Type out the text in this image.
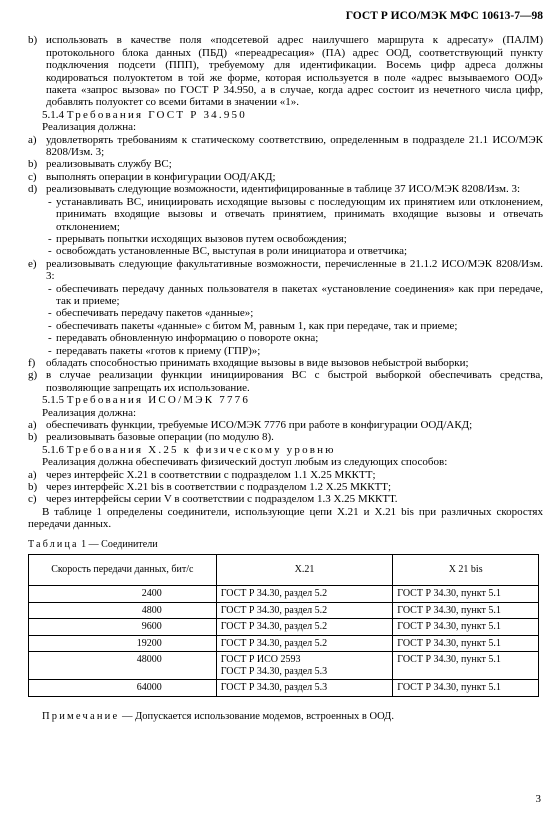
ГОСТ Р ИСО/МЭК МФС 10613-7—98
b) использовать в качестве поля «подсетевой адрес наилучшего маршрута к адресату» (ПАЛМ) протокольного блока данных (ПБД) «переадресация» (ПА) адрес ООД, соответствующий пункту подключения подсети (ППП), требуемому для идентификации. Восемь цифр адреса должны кодироваться полуоктетом в той же форме, которая используется в поле «адрес вызываемого ООД» пакета «запрос вызова» по ГОСТ Р 34.950, а в случае, когда адрес состоит из нечетного числа цифр, добавлять полуоктет со всеми битами в значении «1».

5.1.4 Требования ГОСТ Р 34.950

Реализация должна:

a) удовлетворять требованиям к статическому соответствию, определенным в подразделе 21.1 ИСО/МЭК 8208/Изм. 3;
b) реализовывать службу ВС;
c) выполнять операции в конфигурации ООД/АКД;
d) реализовывать следующие возможности, идентифицированные в таблице 37 ИСО/МЭК 8208/Изм. 3:
- устанавливать ВС, инициировать исходящие вызовы с последующим их принятием или отклонением, принимать входящие вызовы и отвечать принятием, принимать входящие вызовы и отвечать отклонением;
- прерывать попытки исходящих вызовов путем освобождения;
- освобождать установленные ВС, выступая в роли инициатора и ответчика;
e) реализовывать следующие факультативные возможности, перечисленные в 21.1.2 ИСО/МЭК 8208/Изм. 3:
- обеспечивать передачу данных пользователя в пакетах «установление соединения» как при передаче, так и приеме;
- обеспечивать передачу пакетов «данные»;
- обеспечивать пакеты «данные» с битом М, равным 1, как при передаче, так и приеме;
- передавать обновленную информацию о повороте окна;
- передавать пакеты «готов к приему (ГПР)»;
f) обладать способностью принимать входящие вызовы в виде вызовов небыстрой выборки;
g) в случае реализации функции инициирования ВС с быстрой выборкой обеспечивать средства, позволяющие запрещать их использование.

5.1.5 Требования ИСО/МЭК 7776

Реализация должна:

a) обеспечивать функции, требуемые ИСО/МЭК 7776 при работе в конфигурации ООД/АКД;
b) реализовывать базовые операции (по модулю 8).

5.1.6 Требования X.25 к физическому уровню

Реализация должна обеспечивать физический доступ любым из следующих способов:

a) через интерфейс X.21 в соответствии с подразделом 1.1 X.25 МККТТ;
b) через интерфейс X.21 bis в соответствии с подразделом 1.2 X.25 МККТТ;
c) через интерфейсы серии V в соответствии с подразделом 1.3 X.25 МККТТ.

В таблице 1 определены соединители, использующие цепи X.21 и X.21 bis при различных скоростях передачи данных.

Таблица 1 — Соединители
Скорость передачи данных, бит/с	X.21	X 21 bis
2400	ГОСТ Р 34.30, раздел 5.2	ГОСТ Р 34.30, пункт 5.1
4800	ГОСТ Р 34.30, раздел 5.2	ГОСТ Р 34.30, пункт 5.1
9600	ГОСТ Р 34.30, раздел 5.2	ГОСТ Р 34.30, пункт 5.1
19200	ГОСТ Р 34.30, раздел 5.2	ГОСТ Р 34.30, пункт 5.1
48000	ГОСТ Р ИСО 2593
ГОСТ Р 34.30, раздел 5.3	ГОСТ Р 34.30, пункт 5.1
64000	ГОСТ Р 34.30, раздел 5.3	ГОСТ Р 34.30, пункт 5.1
Примечание — Допускается использование модемов, встроенных в ООД.
3
